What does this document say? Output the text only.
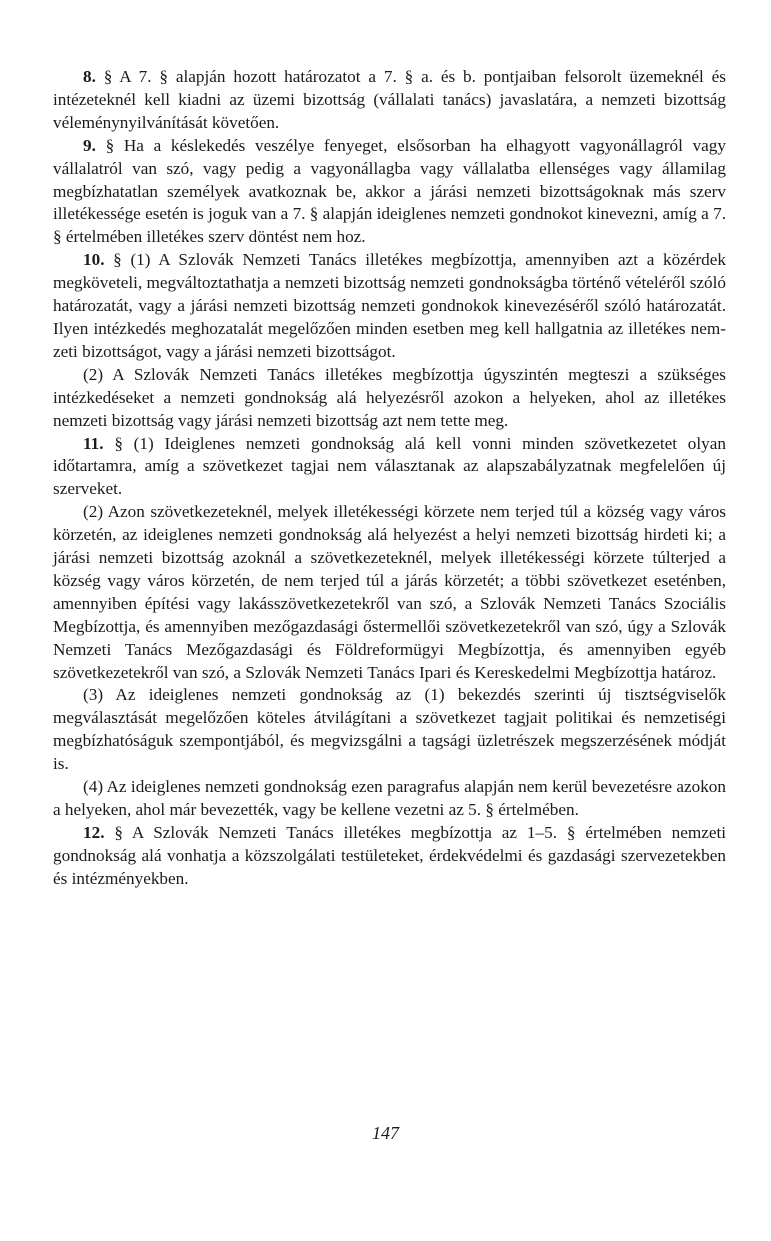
8. § A 7. § alapján hozott határozatot a 7. § a. és b. pontjaiban felsorolt üzemeknél és intézeteknél kell kiadni az üzemi bizottság (vállalati tanács) javaslatára, a nemzeti bizottság véleménynyilvánítását követően.

9. § Ha a késlekedés veszélye fenyeget, elsősorban ha elhagyott vagyonállagról vagy vállalatról van szó, vagy pedig a vagyonállagba vagy vállalatba ellenséges vagy államilag megbízhatatlan személyek avatkoznak be, akkor a járási nemzeti bizottságoknak más szerv illetékessége esetén is joguk van a 7. § alapján ideiglenes nemzeti gondnokot kinevezni, amíg a 7. § értelmében illetékes szerv döntést nem hoz.

10. § (1) A Szlovák Nemzeti Tanács illetékes megbízottja, amennyiben azt a közérdek megköveteli, megváltoztathatja a nemzeti bizottság nemzeti gondnokságba történő vételéről szóló határozatát, vagy a járási nemzeti bizottság nemzeti gondnokok kinevezéséről szóló határozatát. Ilyen intézkedés meghozatalát megelőzően minden esetben meg kell hallgatnia az illetékes nemzeti bizottságot, vagy a járási nemzeti bizottságot.

(2) A Szlovák Nemzeti Tanács illetékes megbízottja úgyszintén megteszi a szükséges intézkedéseket a nemzeti gondnokság alá helyezésről azokon a helyeken, ahol az illetékes nemzeti bizottság vagy járási nemzeti bizottság azt nem tette meg.

11. § (1) Ideiglenes nemzeti gondnokság alá kell vonni minden szövetkezetet olyan időtartamra, amíg a szövetkezet tagjai nem választanak az alapszabályzatnak megfelelően új szerveket.

(2) Azon szövetkezeteknél, melyek illetékességi körzete nem terjed túl a község vagy város körzetén, az ideiglenes nemzeti gondnokság alá helyezést a helyi nemzeti bizottság hirdeti ki; a járási nemzeti bizottság azoknál a szövetkezeteknél, melyek illetékességi körzete túlterjed a község vagy város körzetén, de nem terjed túl a járás körzetét; a többi szövetkezet eseténben, amennyiben építési vagy lakásszövetkezetekről van szó, a Szlovák Nemzeti Tanács Szociális Megbízottja, és amennyiben mezőgazdasági őstermellői szövetkezetekről van szó, úgy a Szlovák Nemzeti Tanács Mezőgazdasági és Földreformügyi Megbízottja, és amennyiben egyéb szövetkezetekről van szó, a Szlovák Nemzeti Tanács Ipari és Kereskedelmi Megbízottja határoz.

(3) Az ideiglenes nemzeti gondnokság az (1) bekezdés szerinti új tisztségviselők megválasztását megelőzően köteles átvilágítani a szövetkezet tagjait politikai és nemzetiségi megbízhatóságuk szempontjából, és megvizsgálni a tagsági üzletrészek megszerzésének módját is.

(4) Az ideiglenes nemzeti gondnokság ezen paragrafus alapján nem kerül bevezetésre azokon a helyeken, ahol már bevezették, vagy be kellene vezetni az 5. § értelmében.

12. § A Szlovák Nemzeti Tanács illetékes megbízottja az 1–5. § értelmében nemzeti gondnokság alá vonhatja a közszolgálati testületeket, érdekvédelmi és gazdasági szervezetekben és intézményekben.

147
